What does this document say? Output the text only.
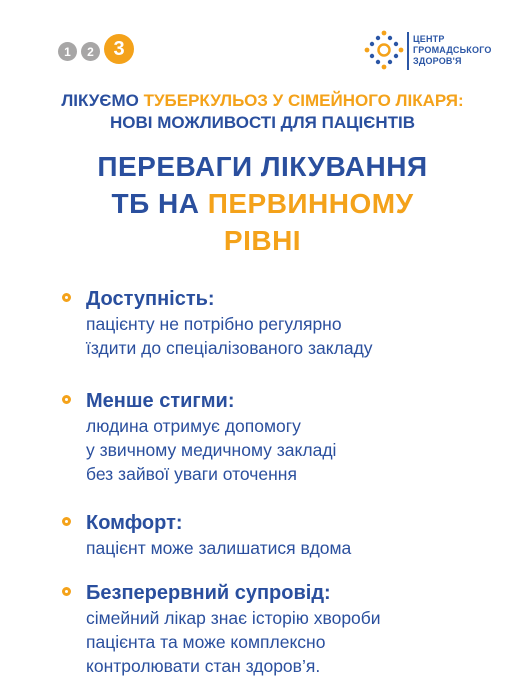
1	2 3	ЦЕНТР
ГРОМАДСЬКОГО
ЗДОРОВ'Я
ЛІКУЄМО ТУБЕРКУЛЬОЗ У СІМЕЙНОГО ЛІКАРЯ:
НОВІ МОЖЛИВОСТІ ДЛЯ ПАЦІЄНТІВ
ПЕРЕВАГИ ЛІКУВАННЯ
ТБ НА ПЕРВИННОМУ
РІВНІ
Доступність:
пацієнту не потрібно регулярно
їздити до спеціалізованого закладу
Менше стигми:
людина отримує допомогу
у звичному медичному закладі
без зайвої уваги оточення
Комфорт:
пацієнт може залишатися вдома
Безперервний супровід:
сімейний лікар знає історію хвороби
пацієнта та може комплексно
контролювати стан здоров’я.
